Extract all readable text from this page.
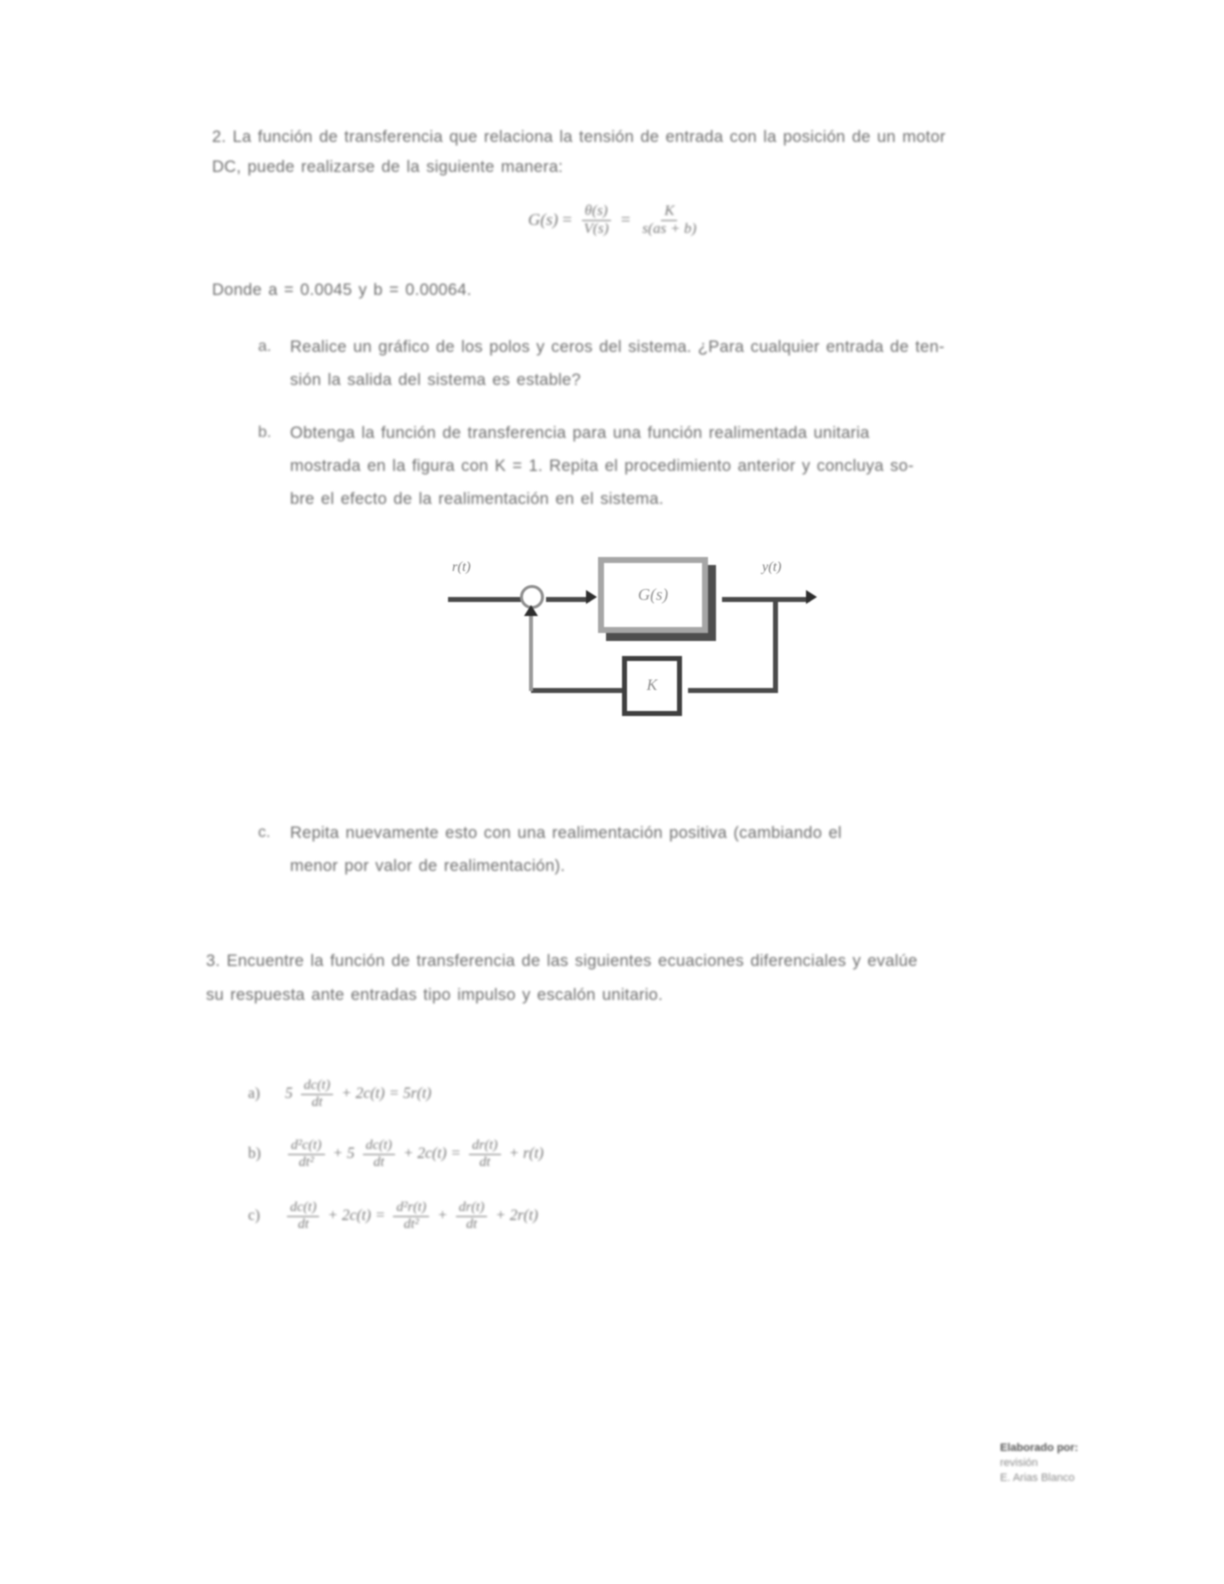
2. La función de transferencia que relaciona la tensión de entrada con la posición de un motor
DC, puede realizarse de la siguiente manera:
$G(s) = \frac{\theta(s)}{V(s)} = \frac{K}{s(as + b)}$
Donde a = 0.0045 y b = 0.00064.
a. Realice un gráfico de los polos y ceros del sistema. ¿Para cualquier entrada de ten-
sión la salida del sistema es estable?
b. Obtenga la función de transferencia para una función realimentada unitaria
mostrada en la figura con K = 1. Repita el procedimiento anterior y concluya so-
bre el efecto de la realimentación en el sistema.
r(t)
G(s)
y(t)
K
c. Repita nuevamente esto con una realimentación positiva (cambiando el
menor por valor de realimentación).
3. Encuentre la función de transferencia de las siguientes ecuaciones diferenciales y evalúe
su respuesta ante entradas tipo impulso y escalón unitario.
a) $5 \frac{dc(t)}{dt} + 2c(t) = 5r(t)$
$b) \frac{\text{d²c(t)}}{\text{dt²}} + 5 \frac{dc(t)}{dt} + 2c(t) = \frac{dr(t)}{dt} + r(t)$
$c) \frac{dc(t)}{dt} + 2c(t) = \frac{\text{d²r(t)}}{\text{dt²}} + \frac{dr(t)}{dt} + 2r(t)$
Elaborado por:
revisión
E. Arias Blanco
